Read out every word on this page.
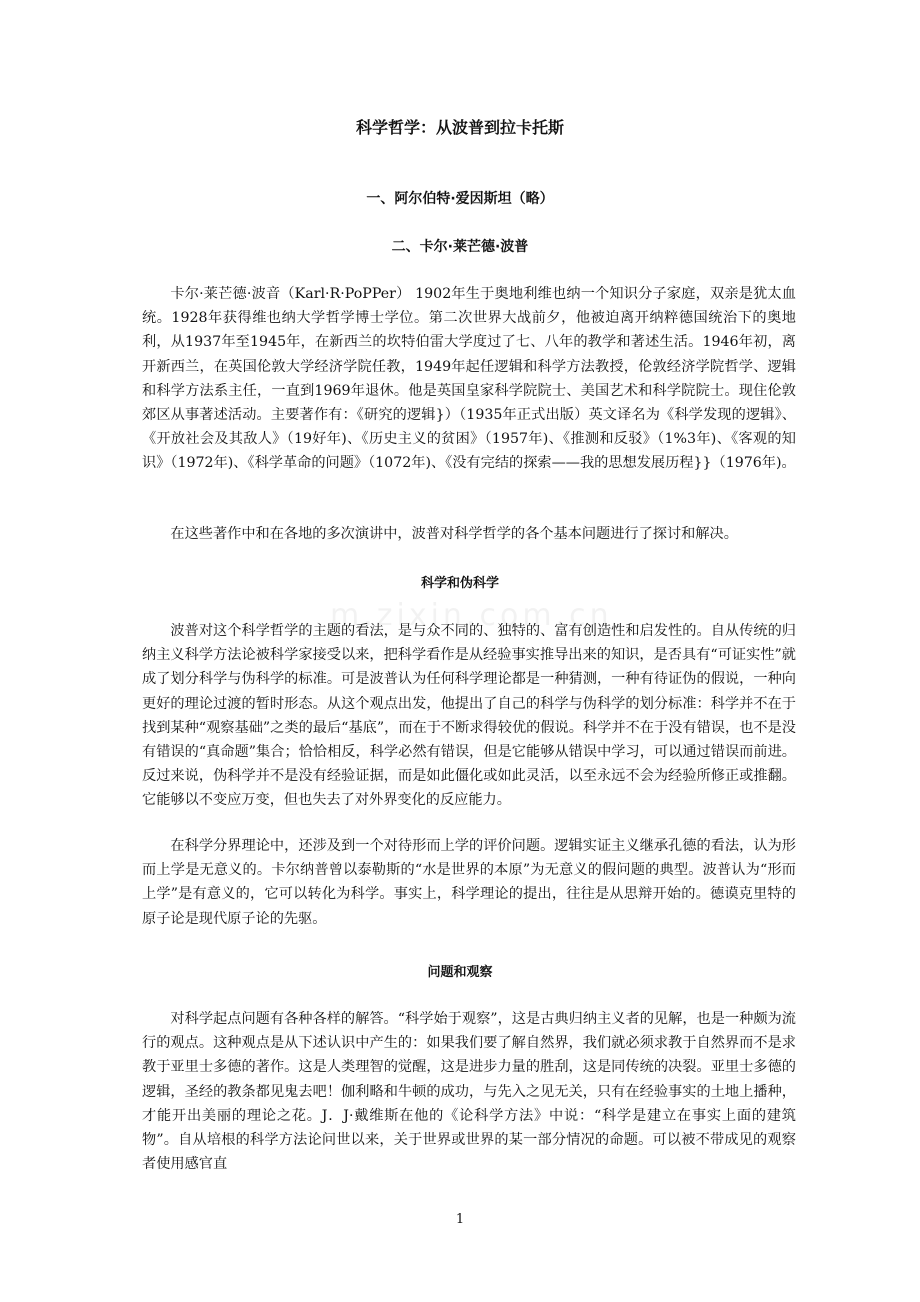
m.zixin.com.cn
科学哲学：从波普到拉卡托斯
一、阿尔伯特·爱因斯坦（略）
二、卡尔·莱芒德·波普

卡尔·莱芒德·波音（Karl·R·PoPPer） 1902年生于奥地利维也纳一个知识分子家庭，双亲是犹太血统。1928年获得维也纳大学哲学博士学位。第二次世界大战前夕，他被迫离开纳粹德国统治下的奥地利，从1937年至1945年，在新西兰的坎特伯雷大学度过了七、八年的教学和著述生活。1946年初，离开新西兰，在英国伦敦大学经济学院任教，1949年起任逻辑和科学方法教授，伦敦经济学院哲学、逻辑和科学方法系主任，一直到1969年退休。他是英国皇家科学院院士、美国艺术和科学院院士。现住伦敦郊区从事著述活动。主要著作有：《研究的逻辑}）（1935年正式出版）英文译名为《科学发现的逻辑》、《开放社会及其敌人》（19好年)、《历史主义的贫困》（1957年)、《推测和反驳》（1%3年)、《客观的知识》（1972年)、《科学革命的问题》（1072年)、《没有完结的探索——我的思想发展历程}}（1976年)。

在这些著作中和在各地的多次演讲中，波普对科学哲学的各个基本问题进行了探讨和解决。

科学和伪科学

波普对这个科学哲学的主题的看法，是与众不同的、独特的、富有创造性和启发性的。自从传统的归纳主义科学方法论被科学家接受以来，把科学看作是从经验事实推导出来的知识，是否具有“可证实性”就成了划分科学与伪科学的标准。可是波普认为任何科学理论都是一种猜测，一种有待证伪的假说，一种向更好的理论过渡的暂时形态。从这个观点出发，他提出了自己的科学与伪科学的划分标准：科学并不在于找到某种“观察基础”之类的最后“基底”，而在于不断求得较优的假说。科学并不在于没有错误，也不是没有错误的“真命题”集合；恰恰相反，科学必然有错误，但是它能够从错误中学习，可以通过错误而前进。反过来说，伪科学并不是没有经验证据，而是如此僵化或如此灵活，以至永远不会为经验所修正或推翻。它能够以不变应万变，但也失去了对外界变化的反应能力。

在科学分界理论中，还涉及到一个对待形而上学的评价问题。逻辑实证主义继承孔德的看法，认为形而上学是无意义的。卡尔纳普曾以泰勒斯的“水是世界的本原”为无意义的假问题的典型。波普认为“形而上学”是有意义的，它可以转化为科学。事实上，科学理论的提出，往往是从思辩开始的。德谟克里特的原子论是现代原子论的先驱。

问题和观察

对科学起点问题有各种各样的解答。“科学始于观察”，这是古典归纳主义者的见解，也是一种颇为流行的观点。这种观点是从下述认识中产生的：如果我们要了解自然界，我们就必须求教于自然界而不是求教于亚里士多德的著作。这是人类理智的觉醒，这是进步力量的胜刮，这是同传统的决裂。亚里士多德的逻辑，圣经的教条都见鬼去吧！伽利略和牛顿的成功，与先入之见无关，只有在经验事实的土地上播种，才能开出美丽的理论之花。J．J·戴维斯在他的《论科学方法》中说：“科学是建立在事实上面的建筑物”。自从培根的科学方法论问世以来，关于世界或世界的某一部分情况的命题。可以被不带成见的观察者使用感官直

1
